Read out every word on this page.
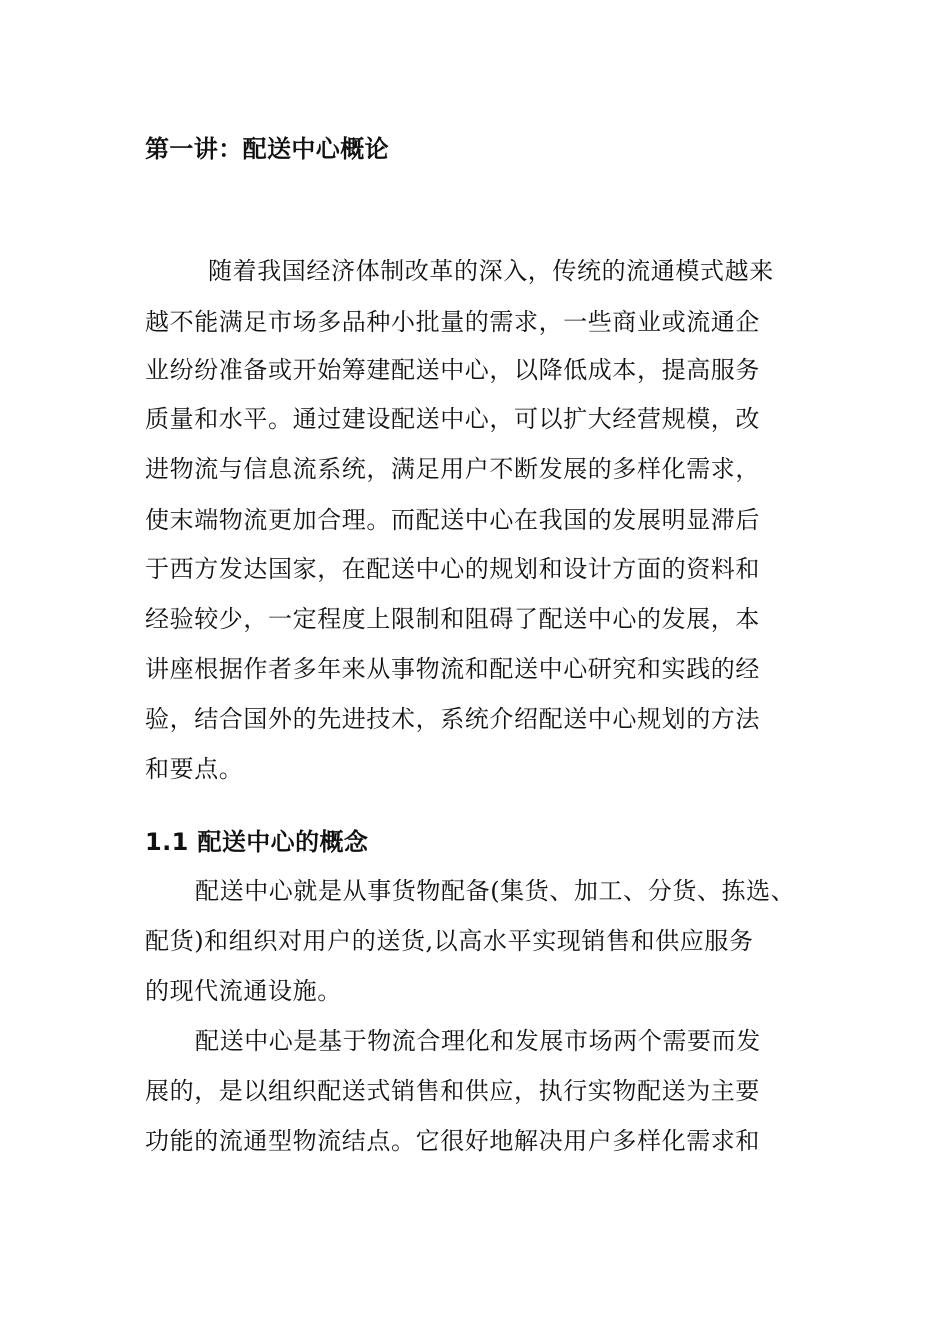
第一讲：配送中心概论
随着我国经济体制改革的深入，传统的流通模式越来
越不能满足市场多品种小批量的需求，一些商业或流通企
业纷纷准备或开始筹建配送中心，以降低成本，提高服务
质量和水平。通过建设配送中心，可以扩大经营规模，改
进物流与信息流系统，满足用户不断发展的多样化需求，
使末端物流更加合理。而配送中心在我国的发展明显滞后
于西方发达国家，在配送中心的规划和设计方面的资料和
经验较少，一定程度上限制和阻碍了配送中心的发展，本
讲座根据作者多年来从事物流和配送中心研究和实践的经
验，结合国外的先进技术，系统介绍配送中心规划的方法
和要点。
1.1 配送中心的概念
配送中心就是从事货物配备(集货、加工、分货、拣选、
配货)和组织对用户的送货,以高水平实现销售和供应服务
的现代流通设施。
配送中心是基于物流合理化和发展市场两个需要而发
展的，是以组织配送式销售和供应，执行实物配送为主要
功能的流通型物流结点。它很好地解决用户多样化需求和
